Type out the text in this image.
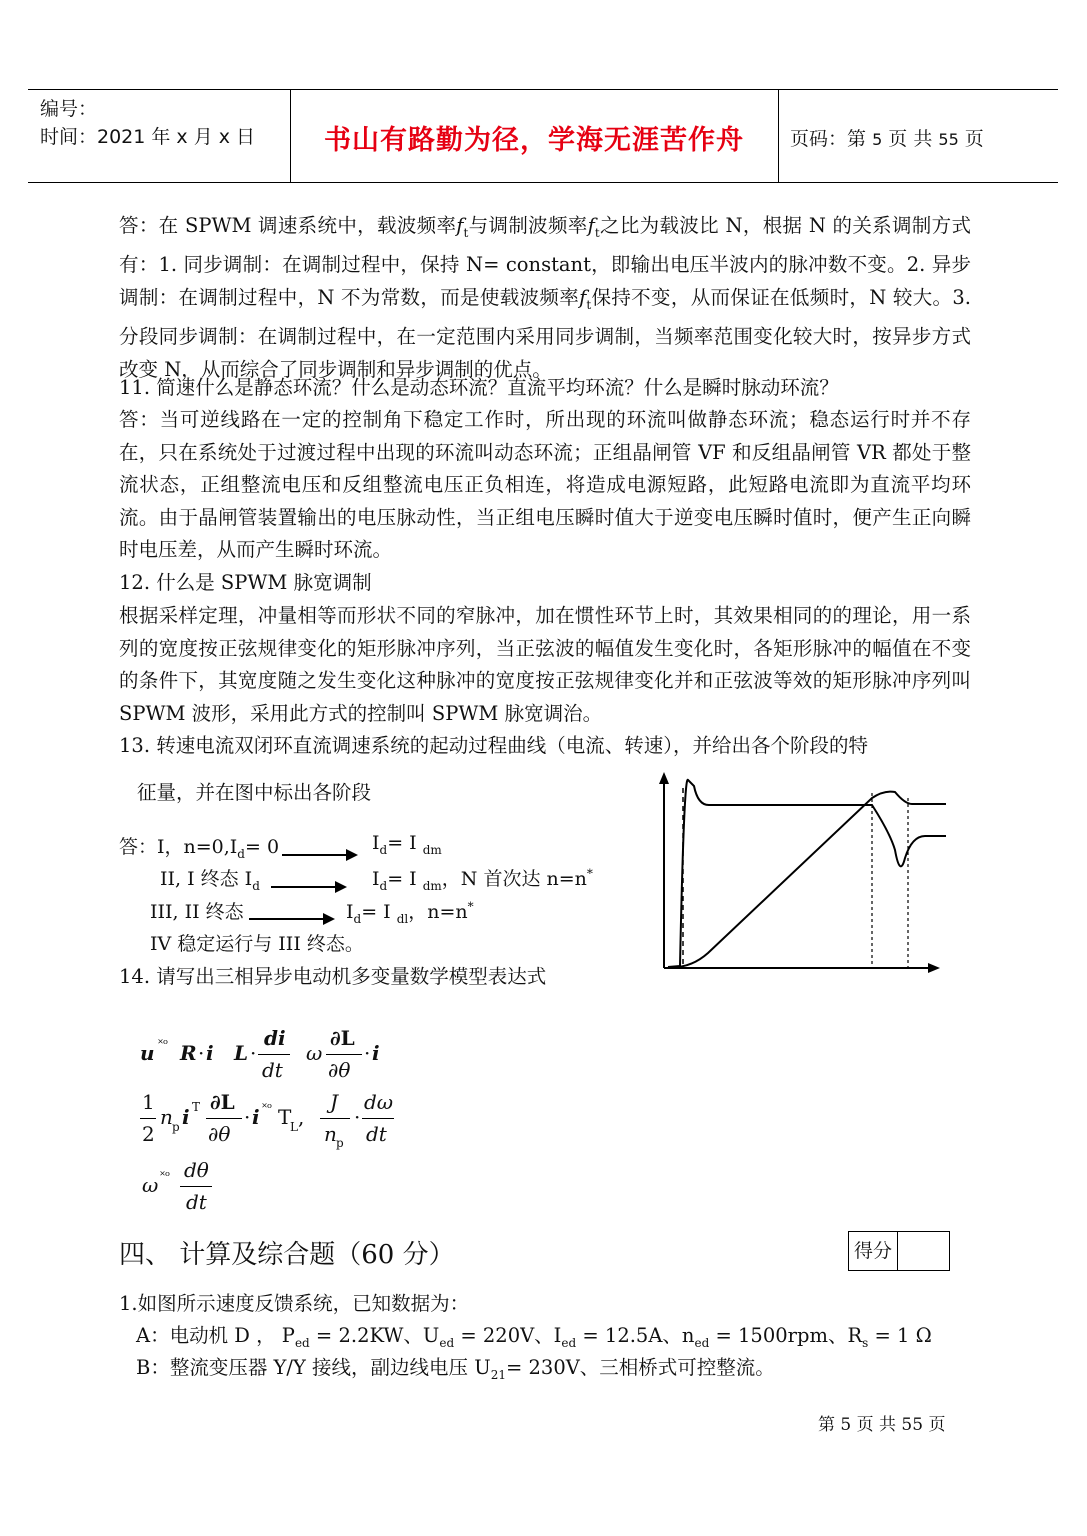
编号：
时间：2021 年 x 月 x 日	书山有路勤为径，学海无涯苦作舟	页码：第 5 页 共 55 页
答：在 SPWM 调速系统中，载波频率$f_t$与调制波频率$f_t$之比为载波比 N，根据 N 的关系调制方式有：1. 同步调制：在调制过程中，保持 N= constant，即输出电压半波内的脉冲数不变。2. 异步调制：在调制过程中，N 不为常数，而是使载波频率$f_t$保持不变，从而保证在低频时，N 较大。3. 分段同步调制：在调制过程中，在一定范围内采用同步调制，当频率范围变化较大时，按异步方式改变 N，从而综合了同步调制和异步调制的优点。
11. 简速什么是静态环流？什么是动态环流？直流平均环流？什么是瞬时脉动环流？
答：当可逆线路在一定的控制角下稳定工作时，所出现的环流叫做静态环流；稳态运行时并不存在，只在系统处于过渡过程中出现的环流叫动态环流；正组晶闸管 VF 和反组晶闸管 VR 都处于整流状态，正组整流电压和反组整流电压正负相连，将造成电源短路，此短路电流即为直流平均环流。由于晶闸管装置输出的电压脉动性，当正组电压瞬时值大于逆变电压瞬时值时，便产生正向瞬时电压差，从而产生瞬时环流。
12. 什么是 SPWM 脉宽调制
根据采样定理，冲量相等而形状不同的窄脉冲，加在惯性环节上时，其效果相同的的理论，用一系列的宽度按正弦规律变化的矩形脉冲序列，当正弦波的幅值发生变化时，各矩形脉冲的幅值在不变的条件下，其宽度随之发生变化这种脉冲的宽度按正弦规律变化并和正弦波等效的矩形脉冲序列叫 SPWM 波形，采用此方式的控制叫 SPWM 脉宽调治。
13. 转速电流双闭环直流调速系统的起动过程曲线（电流、转速），并给出各个阶段的特
征量，并在图中标出各阶段
答：I，$n=0,I_d= 0$	$I_d= I$ $_{dm}$
II, I 终态 $I_d$	$I_d= I$ $_{dm}$，N 首次达 n=n*
III, II 终态	$I_d= I$ $_{dl}$，n=n*
IV 稳定运行与 III 终态。
14. 请写出三相异步电动机多变量数学模型表达式
u ˟ᵒ R · i L ·
di
dt
ω
∂L
∂θ
· i
1
2
n p i T ∂L
∂θ
· i ˟ᵒ T
L ,
J
n p
·
dω
dt
ω ˟ᵒ dθ
dt
四、 计算及综合题（60 分）	得分
1.如图所示速度反馈系统，已知数据为：
A：电动机 D ， $P_{ed} = 2.2KW$、$U_{ed} = 220V$、$I_{ed} = 12.5A$、$n_{ed} = 1500rpm$、$R_s = 1$ Ω
B：整流变压器 Y/Y 接线，副边线电压 $U_{21}= 230V$、三相桥式可控整流。
第 5 页 共 55 页
